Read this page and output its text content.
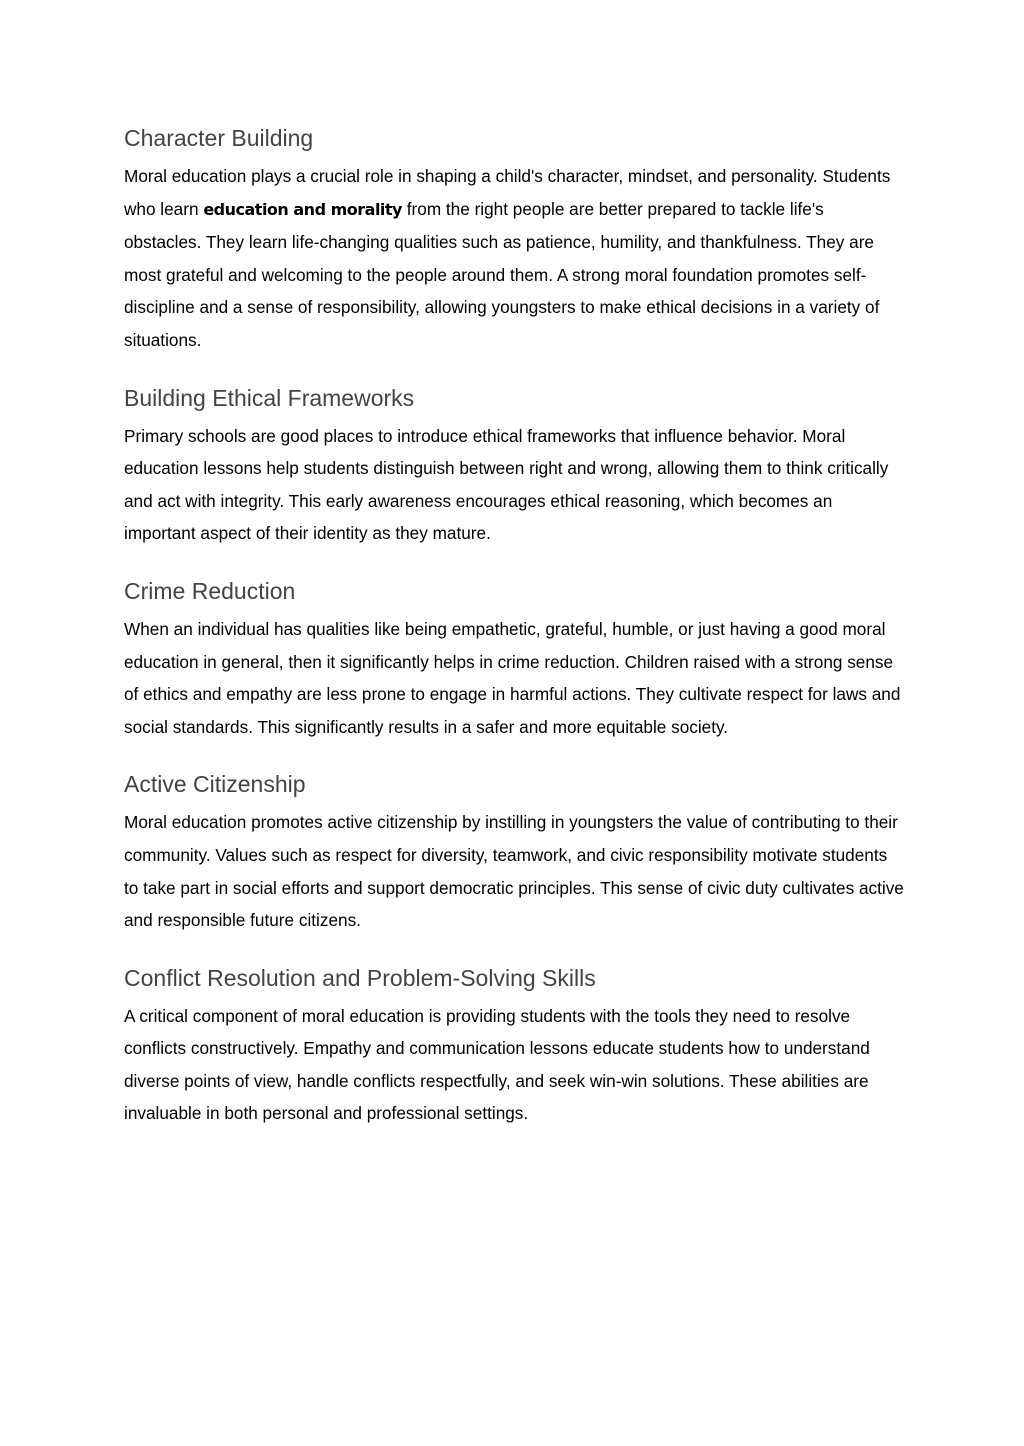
Character Building

Moral education plays a crucial role in shaping a child's character, mindset, and personality. Students who learn education and morality from the right people are better prepared to tackle life's obstacles. They learn life-changing qualities such as patience, humility, and thankfulness. They are most grateful and welcoming to the people around them. A strong moral foundation promotes self-discipline and a sense of responsibility, allowing youngsters to make ethical decisions in a variety of situations.

Building Ethical Frameworks

Primary schools are good places to introduce ethical frameworks that influence behavior. Moral education lessons help students distinguish between right and wrong, allowing them to think critically and act with integrity. This early awareness encourages ethical reasoning, which becomes an important aspect of their identity as they mature.

Crime Reduction

When an individual has qualities like being empathetic, grateful, humble, or just having a good moral education in general, then it significantly helps in crime reduction. Children raised with a strong sense of ethics and empathy are less prone to engage in harmful actions. They cultivate respect for laws and social standards. This significantly results in a safer and more equitable society.

Active Citizenship

Moral education promotes active citizenship by instilling in youngsters the value of contributing to their community. Values such as respect for diversity, teamwork, and civic responsibility motivate students to take part in social efforts and support democratic principles. This sense of civic duty cultivates active and responsible future citizens.

Conflict Resolution and Problem-Solving Skills

A critical component of moral education is providing students with the tools they need to resolve conflicts constructively. Empathy and communication lessons educate students how to understand diverse points of view, handle conflicts respectfully, and seek win-win solutions. These abilities are invaluable in both personal and professional settings.
